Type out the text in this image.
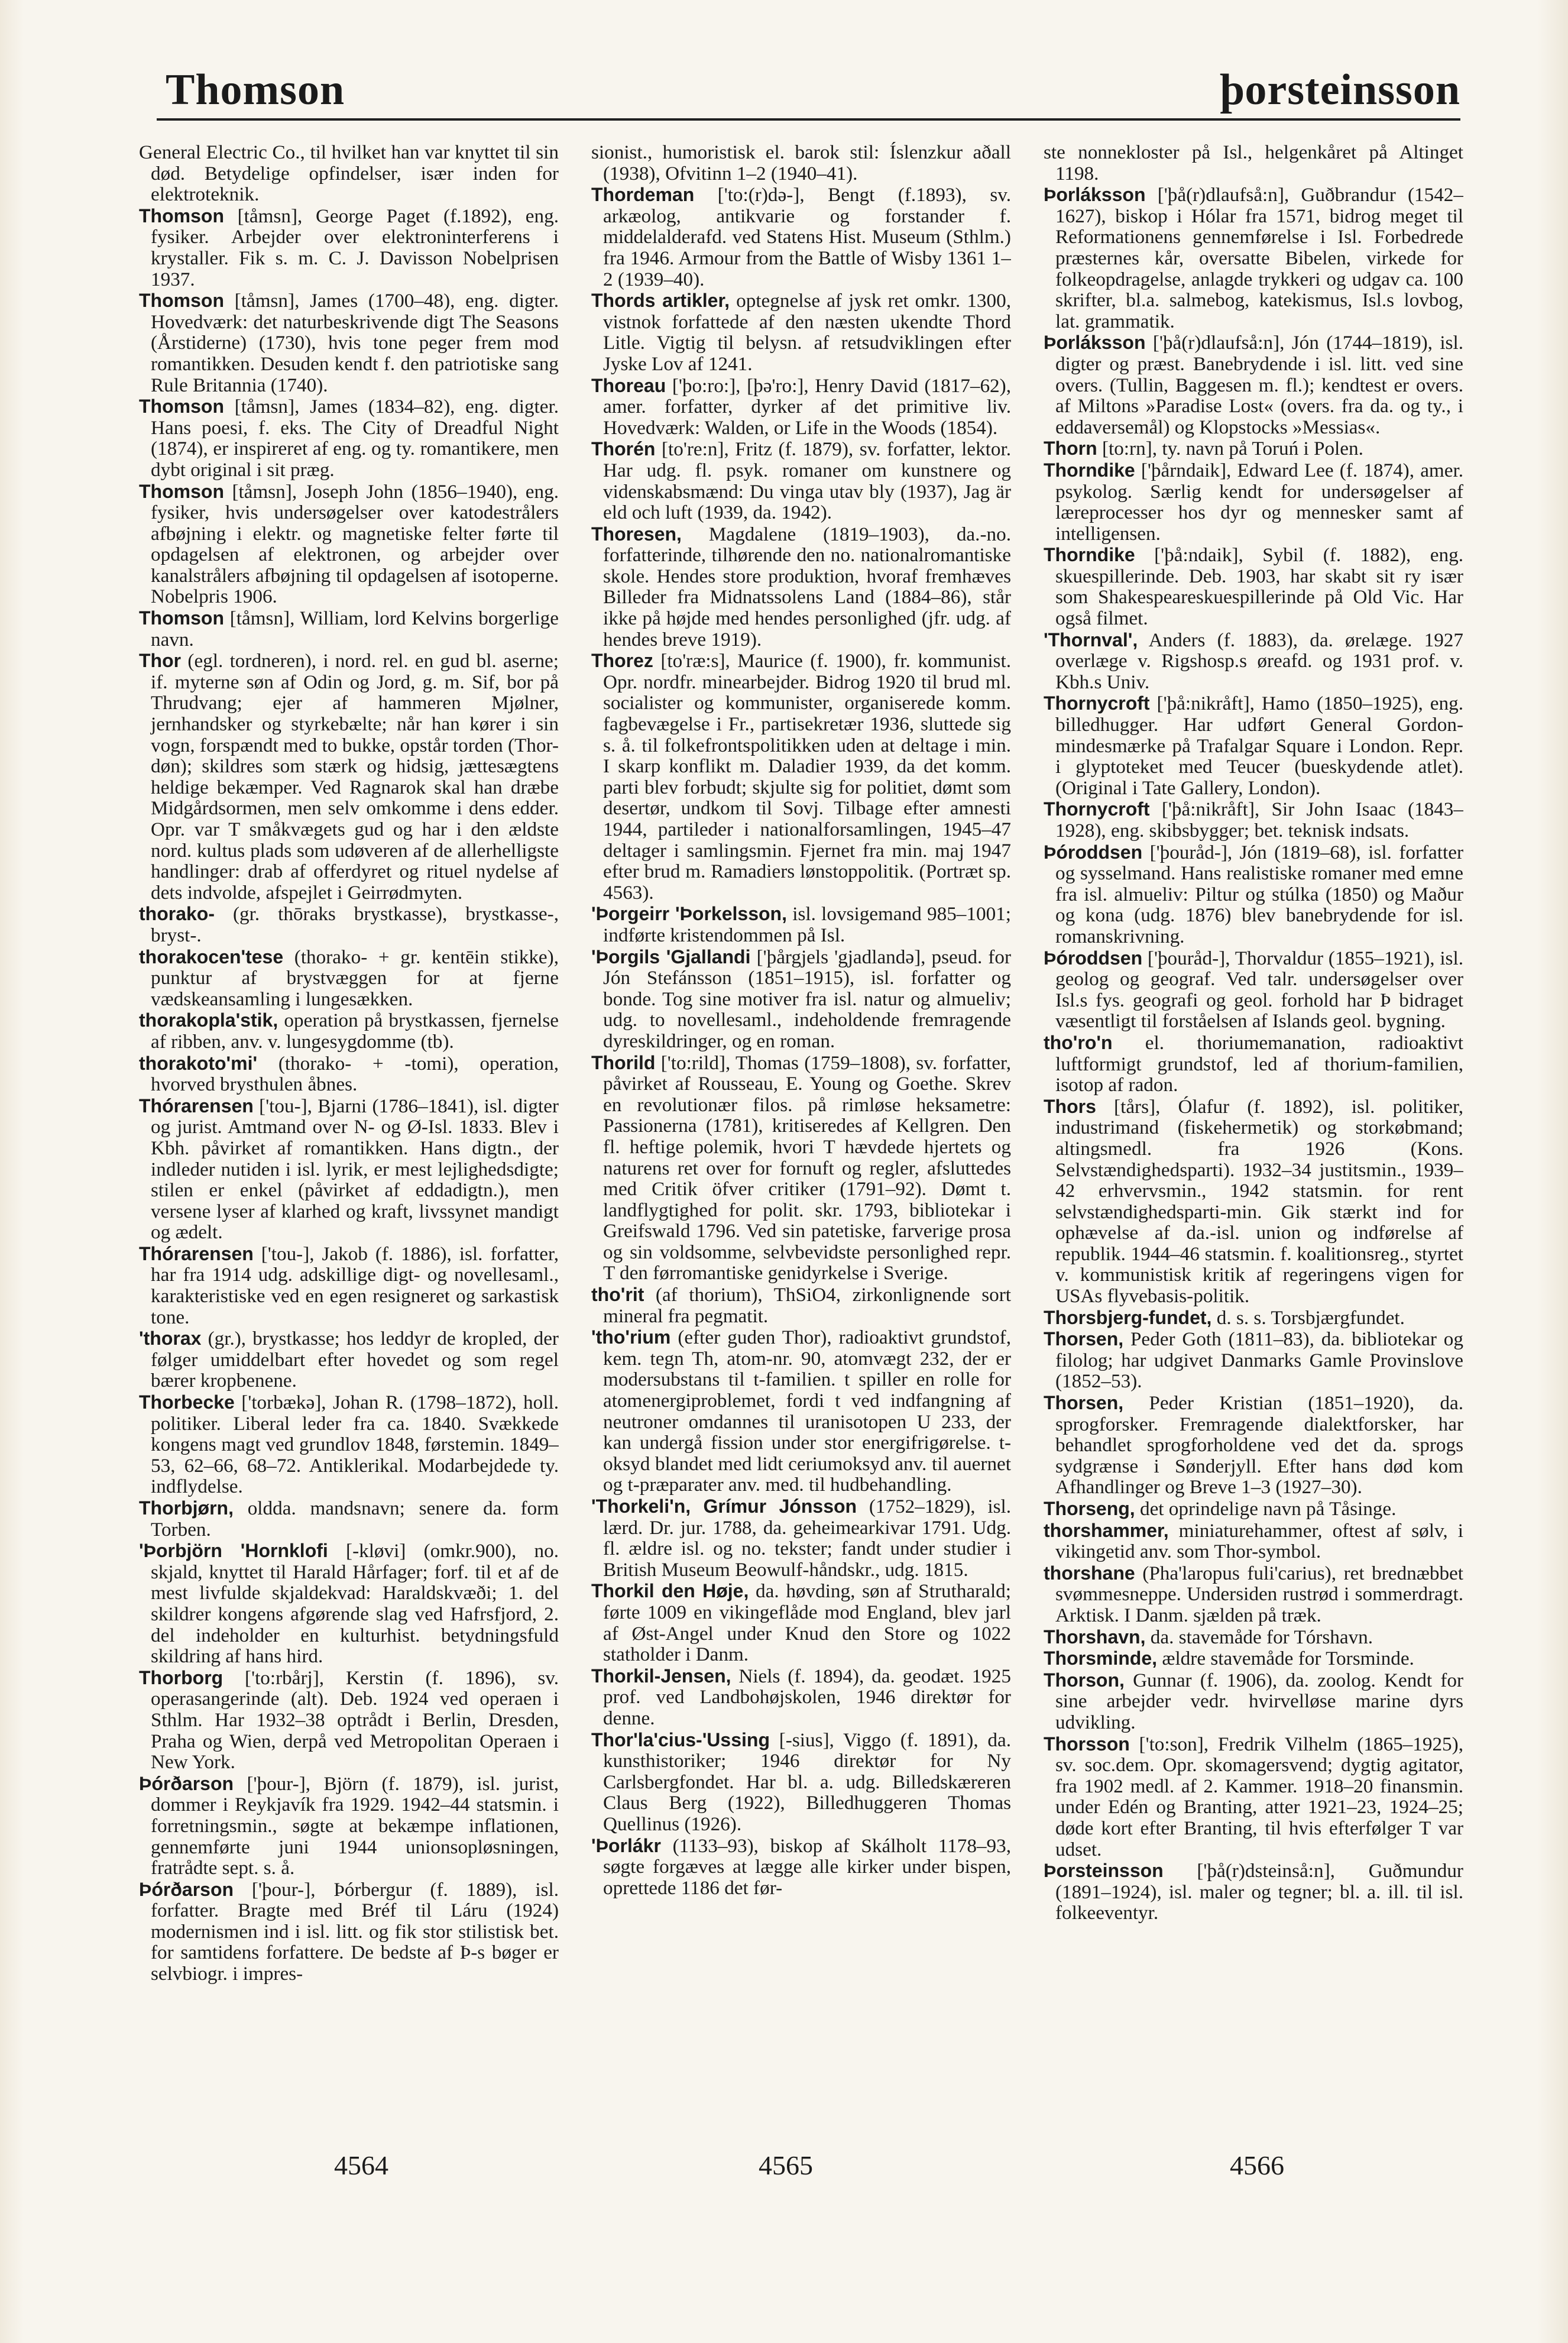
Thomson	þorsteinsson

General Electric Co., til hvilket han var knyttet til sin død. Betydelige opfindelser, især inden for elektroteknik.

Thomson [tåmsn], George Paget (f.1892), eng. fysiker. Arbejder over elektroninterferens i krystaller. Fik s. m. C. J. Davisson Nobelprisen 1937.

Thomson [tåmsn], James (1700–48), eng. digter. Hovedværk: det naturbeskrivende digt The Seasons (Årstiderne) (1730), hvis tone peger frem mod romantikken. Desuden kendt f. den patriotiske sang Rule Britannia (1740).

Thomson [tåmsn], James (1834–82), eng. digter. Hans poesi, f. eks. The City of Dreadful Night (1874), er inspireret af eng. og ty. romantikere, men dybt original i sit præg.

Thomson [tåmsn], Joseph John (1856–1940), eng. fysiker, hvis undersøgelser over katodestrålers afbøjning i elektr. og magnetiske felter førte til opdagelsen af elektronen, og arbejder over kanalstrålers afbøjning til opdagelsen af isotoperne. Nobelpris 1906.

Thomson [tåmsn], William, lord Kelvins borgerlige navn.

Thor (egl. tordneren), i nord. rel. en gud bl. aserne; if. myterne søn af Odin og Jord, g. m. Sif, bor på Thrudvang; ejer af hammeren Mjølner, jernhandsker og styrkebælte; når han kører i sin vogn, forspændt med to bukke, opstår torden (Thor-døn); skildres som stærk og hidsig, jættesægtens heldige bekæmper. Ved Ragnarok skal han dræbe Midgårdsormen, men selv omkomme i dens edder. Opr. var T småkvægets gud og har i den ældste nord. kultus plads som udøveren af de allerhelligste handlinger: drab af offerdyret og rituel nydelse af dets indvolde, afspejlet i Geirrødmyten.

thorako- (gr. thōraks brystkasse), brystkasse-, bryst-.

thorakocen'tese (thorako- + gr. kentēin stikke), punktur af brystvæggen for at fjerne vædskeansamling i lungesækken.

thorakopla'stik, operation på brystkassen, fjernelse af ribben, anv. v. lungesygdomme (tb).

thorakoto'mi' (thorako- + -tomi), operation, hvorved brysthulen åbnes.

Thórarensen ['tou-], Bjarni (1786–1841), isl. digter og jurist. Amtmand over N- og Ø-Isl. 1833. Blev i Kbh. påvirket af romantikken. Hans digtn., der indleder nutiden i isl. lyrik, er mest lejlighedsdigte; stilen er enkel (påvirket af eddadigtn.), men versene lyser af klarhed og kraft, livssynet mandigt og ædelt.

Thórarensen ['tou-], Jakob (f. 1886), isl. forfatter, har fra 1914 udg. adskillige digt- og novellesaml., karakteristiske ved en egen resigneret og sarkastisk tone.

'thorax (gr.), brystkasse; hos leddyr de kropled, der følger umiddelbart efter hovedet og som regel bærer kropbenene.

Thorbecke ['torbækə], Johan R. (1798–1872), holl. politiker. Liberal leder fra ca. 1840. Svækkede kongens magt ved grundlov 1848, førstemin. 1849–53, 62–66, 68–72. Antiklerikal. Modarbejdede ty. indflydelse.

Thorbjørn, oldda. mandsnavn; senere da. form Torben.

'Þorbjörn 'Hornklofi [-kløvi] (omkr.900), no. skjald, knyttet til Harald Hårfager; forf. til et af de mest livfulde skjaldekvad: Haraldskvæði; 1. del skildrer kongens afgørende slag ved Hafrsfjord, 2. del indeholder en kulturhist. betydningsfuld skildring af hans hird.

Thorborg ['to:rbårj], Kerstin (f. 1896), sv. operasangerinde (alt). Deb. 1924 ved operaen i Sthlm. Har 1932–38 optrådt i Berlin, Dresden, Praha og Wien, derpå ved Metropolitan Operaen i New York.

Þórðarson ['þour-], Björn (f. 1879), isl. jurist, dommer i Reykjavík fra 1929. 1942–44 statsmin. i forretningsmin., søgte at bekæmpe inflationen, gennemførte juni 1944 unionsopløsningen, fratrådte sept. s. å.

Þórðarson ['þour-], Þórbergur (f. 1889), isl. forfatter. Bragte med Bréf til Láru (1924) modernismen ind i isl. litt. og fik stor stilistisk bet. for samtidens forfattere. De bedste af Þ-s bøger er selvbiogr. i impres-

sionist., humoristisk el. barok stil: Íslenzkur aðall (1938), Ofvitinn 1–2 (1940–41).

Thordeman ['to:(r)də-], Bengt (f.1893), sv. arkæolog, antikvarie og forstander f. middelalderafd. ved Statens Hist. Museum (Sthlm.) fra 1946. Armour from the Battle of Wisby 1361 1–2 (1939–40).

Thords artikler, optegnelse af jysk ret omkr. 1300, vistnok forfattede af den næsten ukendte Thord Litle. Vigtig til belysn. af retsudviklingen efter Jyske Lov af 1241.

Thoreau ['þo:ro:], [þə'ro:], Henry David (1817–62), amer. forfatter, dyrker af det primitive liv. Hovedværk: Walden, or Life in the Woods (1854).

Thorén [to're:n], Fritz (f. 1879), sv. forfatter, lektor. Har udg. fl. psyk. romaner om kunstnere og videnskabsmænd: Du vinga utav bly (1937), Jag är eld och luft (1939, da. 1942).

Thoresen, Magdalene (1819–1903), da.-no. forfatterinde, tilhørende den no. nationalromantiske skole. Hendes store produktion, hvoraf fremhæves Billeder fra Midnatssolens Land (1884–86), står ikke på højde med hendes personlighed (jfr. udg. af hendes breve 1919).

Thorez [to'ræ:s], Maurice (f. 1900), fr. kommunist. Opr. nordfr. minearbejder. Bidrog 1920 til brud ml. socialister og kommunister, organiserede komm. fagbevægelse i Fr., partisekretær 1936, sluttede sig s. å. til folkefrontspolitikken uden at deltage i min. I skarp konflikt m. Daladier 1939, da det komm. parti blev forbudt; skjulte sig for politiet, dømt som desertør, undkom til Sovj. Tilbage efter amnesti 1944, partileder i nationalforsamlingen, 1945–47 deltager i samlingsmin. Fjernet fra min. maj 1947 efter brud m. Ramadiers lønstoppolitik. (Portræt sp. 4563).

'Þorgeirr 'Þorkelsson, isl. lovsigemand 985–1001; indførte kristendommen på Isl.

'Þorgils 'Gjallandi ['þårgjels 'gjadlandə], pseud. for Jón Stefánsson (1851–1915), isl. forfatter og bonde. Tog sine motiver fra isl. natur og almueliv; udg. to novellesaml., indeholdende fremragende dyreskildringer, og en roman.

Thorild ['to:rild], Thomas (1759–1808), sv. forfatter, påvirket af Rousseau, E. Young og Goethe. Skrev en revolutionær filos. på rimløse heksametre: Passionerna (1781), kritiseredes af Kellgren. Den fl. heftige polemik, hvori T hævdede hjertets og naturens ret over for fornuft og regler, afsluttedes med Critik öfver critiker (1791–92). Dømt t. landflygtighed for polit. skr. 1793, bibliotekar i Greifswald 1796. Ved sin patetiske, farverige prosa og sin voldsomme, selvbevidste personlighed repr. T den førromantiske genidyrkelse i Sverige.

tho'rit (af thorium), ThSiO4, zirkonlignende sort mineral fra pegmatit.

'tho'rium (efter guden Thor), radioaktivt grundstof, kem. tegn Th, atom-nr. 90, atomvægt 232, der er modersubstans til t-familien. t spiller en rolle for atomenergiproblemet, fordi t ved indfangning af neutroner omdannes til uranisotopen U 233, der kan undergå fission under stor energifrigørelse. t-oksyd blandet med lidt ceriumoksyd anv. til auernet og t-præparater anv. med. til hudbehandling.

'Thorkeli'n, Grímur Jónsson (1752–1829), isl. lærd. Dr. jur. 1788, da. geheimearkivar 1791. Udg. fl. ældre isl. og no. tekster; fandt under studier i British Museum Beowulf-håndskr., udg. 1815.

Thorkil den Høje, da. høvding, søn af Strutharald; førte 1009 en vikingeflåde mod England, blev jarl af Øst-Angel under Knud den Store og 1022 statholder i Danm.

Thorkil-Jensen, Niels (f. 1894), da. geodæt. 1925 prof. ved Landbohøjskolen, 1946 direktør for denne.

Thor'la'cius-'Ussing [-sius], Viggo (f. 1891), da. kunsthistoriker; 1946 direktør for Ny Carlsbergfondet. Har bl. a. udg. Billedskæreren Claus Berg (1922), Billedhuggeren Thomas Quellinus (1926).

'Þorlákr (1133–93), biskop af Skálholt 1178–93, søgte forgæves at lægge alle kirker under bispen, oprettede 1186 det før-

ste nonnekloster på Isl., helgenkåret på Altinget 1198.

Þorláksson ['þå(r)dlaufså:n], Guðbrandur (1542–1627), biskop i Hólar fra 1571, bidrog meget til Reformationens gennemførelse i Isl. Forbedrede præsternes kår, oversatte Bibelen, virkede for folkeopdragelse, anlagde trykkeri og udgav ca. 100 skrifter, bl.a. salmebog, katekismus, Isl.s lovbog, lat. grammatik.

Þorláksson ['þå(r)dlaufså:n], Jón (1744–1819), isl. digter og præst. Banebrydende i isl. litt. ved sine overs. (Tullin, Baggesen m. fl.); kendtest er overs. af Miltons »Paradise Lost« (overs. fra da. og ty., i eddaversemål) og Klopstocks »Messias«.

Thorn [to:rn], ty. navn på Toruń i Polen.

Thorndike ['þårndaik], Edward Lee (f. 1874), amer. psykolog. Særlig kendt for undersøgelser af læreprocesser hos dyr og mennesker samt af intelligensen.

Thorndike ['þå:ndaik], Sybil (f. 1882), eng. skuespillerinde. Deb. 1903, har skabt sit ry især som Shakespeareskuespillerinde på Old Vic. Har også filmet.

'Thornval', Anders (f. 1883), da. ørelæge. 1927 overlæge v. Rigshosp.s øreafd. og 1931 prof. v. Kbh.s Univ.

Thornycroft ['þå:nikråft], Hamo (1850–1925), eng. billedhugger. Har udført General Gordon-mindesmærke på Trafalgar Square i London. Repr. i glyptoteket med Teucer (bueskydende atlet). (Original i Tate Gallery, London).

Thornycroft ['þå:nikråft], Sir John Isaac (1843–1928), eng. skibsbygger; bet. teknisk indsats.

Þóroddsen ['þouråd-], Jón (1819–68), isl. forfatter og sysselmand. Hans realistiske romaner med emne fra isl. almueliv: Piltur og stúlka (1850) og Maður og kona (udg. 1876) blev banebrydende for isl. romanskrivning.

Þóroddsen ['þouråd-], Thorvaldur (1855–1921), isl. geolog og geograf. Ved talr. undersøgelser over Isl.s fys. geografi og geol. forhold har Þ bidraget væsentligt til forståelsen af Islands geol. bygning.

tho'ro'n el. thoriumemanation, radioaktivt luftformigt grundstof, led af thorium-familien, isotop af radon.

Thors [tårs], Ólafur (f. 1892), isl. politiker, industrimand (fiskehermetik) og storkøbmand; altingsmedl. fra 1926 (Kons. Selvstændighedsparti). 1932–34 justitsmin., 1939–42 erhvervsmin., 1942 statsmin. for rent selvstændighedsparti-min. Gik stærkt ind for ophævelse af da.-isl. union og indførelse af republik. 1944–46 statsmin. f. koalitionsreg., styrtet v. kommunistisk kritik af regeringens vigen for USAs flyvebasis-politik.

Thorsbjerg-fundet, d. s. s. Torsbjærgfundet.

Thorsen, Peder Goth (1811–83), da. bibliotekar og filolog; har udgivet Danmarks Gamle Provinslove (1852–53).

Thorsen, Peder Kristian (1851–1920), da. sprogforsker. Fremragende dialektforsker, har behandlet sprogforholdene ved det da. sprogs sydgrænse i Sønderjyll. Efter hans død kom Afhandlinger og Breve 1–3 (1927–30).

Thorseng, det oprindelige navn på Tåsinge.

thorshammer, miniaturehammer, oftest af sølv, i vikingetid anv. som Thor-symbol.

thorshane (Pha'laropus fuli'carius), ret brednæbbet svømmesneppe. Undersiden rustrød i sommerdragt. Arktisk. I Danm. sjælden på træk.

Thorshavn, da. stavemåde for Tórshavn.

Thorsminde, ældre stavemåde for Torsminde.

Thorson, Gunnar (f. 1906), da. zoolog. Kendt for sine arbejder vedr. hvirvelløse marine dyrs udvikling.

Thorsson ['to:son], Fredrik Vilhelm (1865–1925), sv. soc.dem. Opr. skomagersvend; dygtig agitator, fra 1902 medl. af 2. Kammer. 1918–20 finansmin. under Edén og Branting, atter 1921–23, 1924–25; døde kort efter Branting, til hvis efterfølger T var udset.

Þorsteinsson ['þå(r)dsteinså:n], Guðmundur (1891–1924), isl. maler og tegner; bl. a. ill. til isl. folkeeventyr.

4564	4565	4566
